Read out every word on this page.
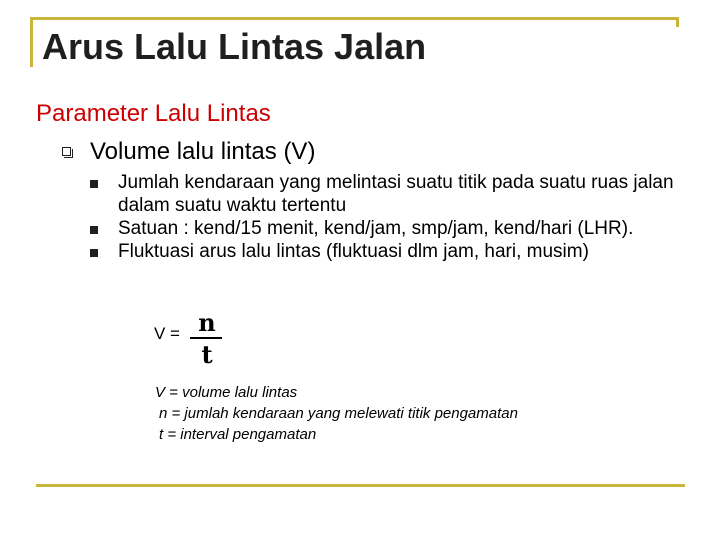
Arus Lalu Lintas Jalan
Parameter Lalu Lintas
Volume lalu lintas (V)
Jumlah kendaraan yang melintasi suatu titik pada suatu ruas jalan dalam suatu waktu tertentu
Satuan : kend/15 menit, kend/jam, smp/jam, kend/hari (LHR).
Fluktuasi arus lalu lintas (fluktuasi dlm jam, hari, musim)
V = n
t
V = volume lalu lintas
n = jumlah kendaraan yang melewati titik pengamatan
t = interval pengamatan
